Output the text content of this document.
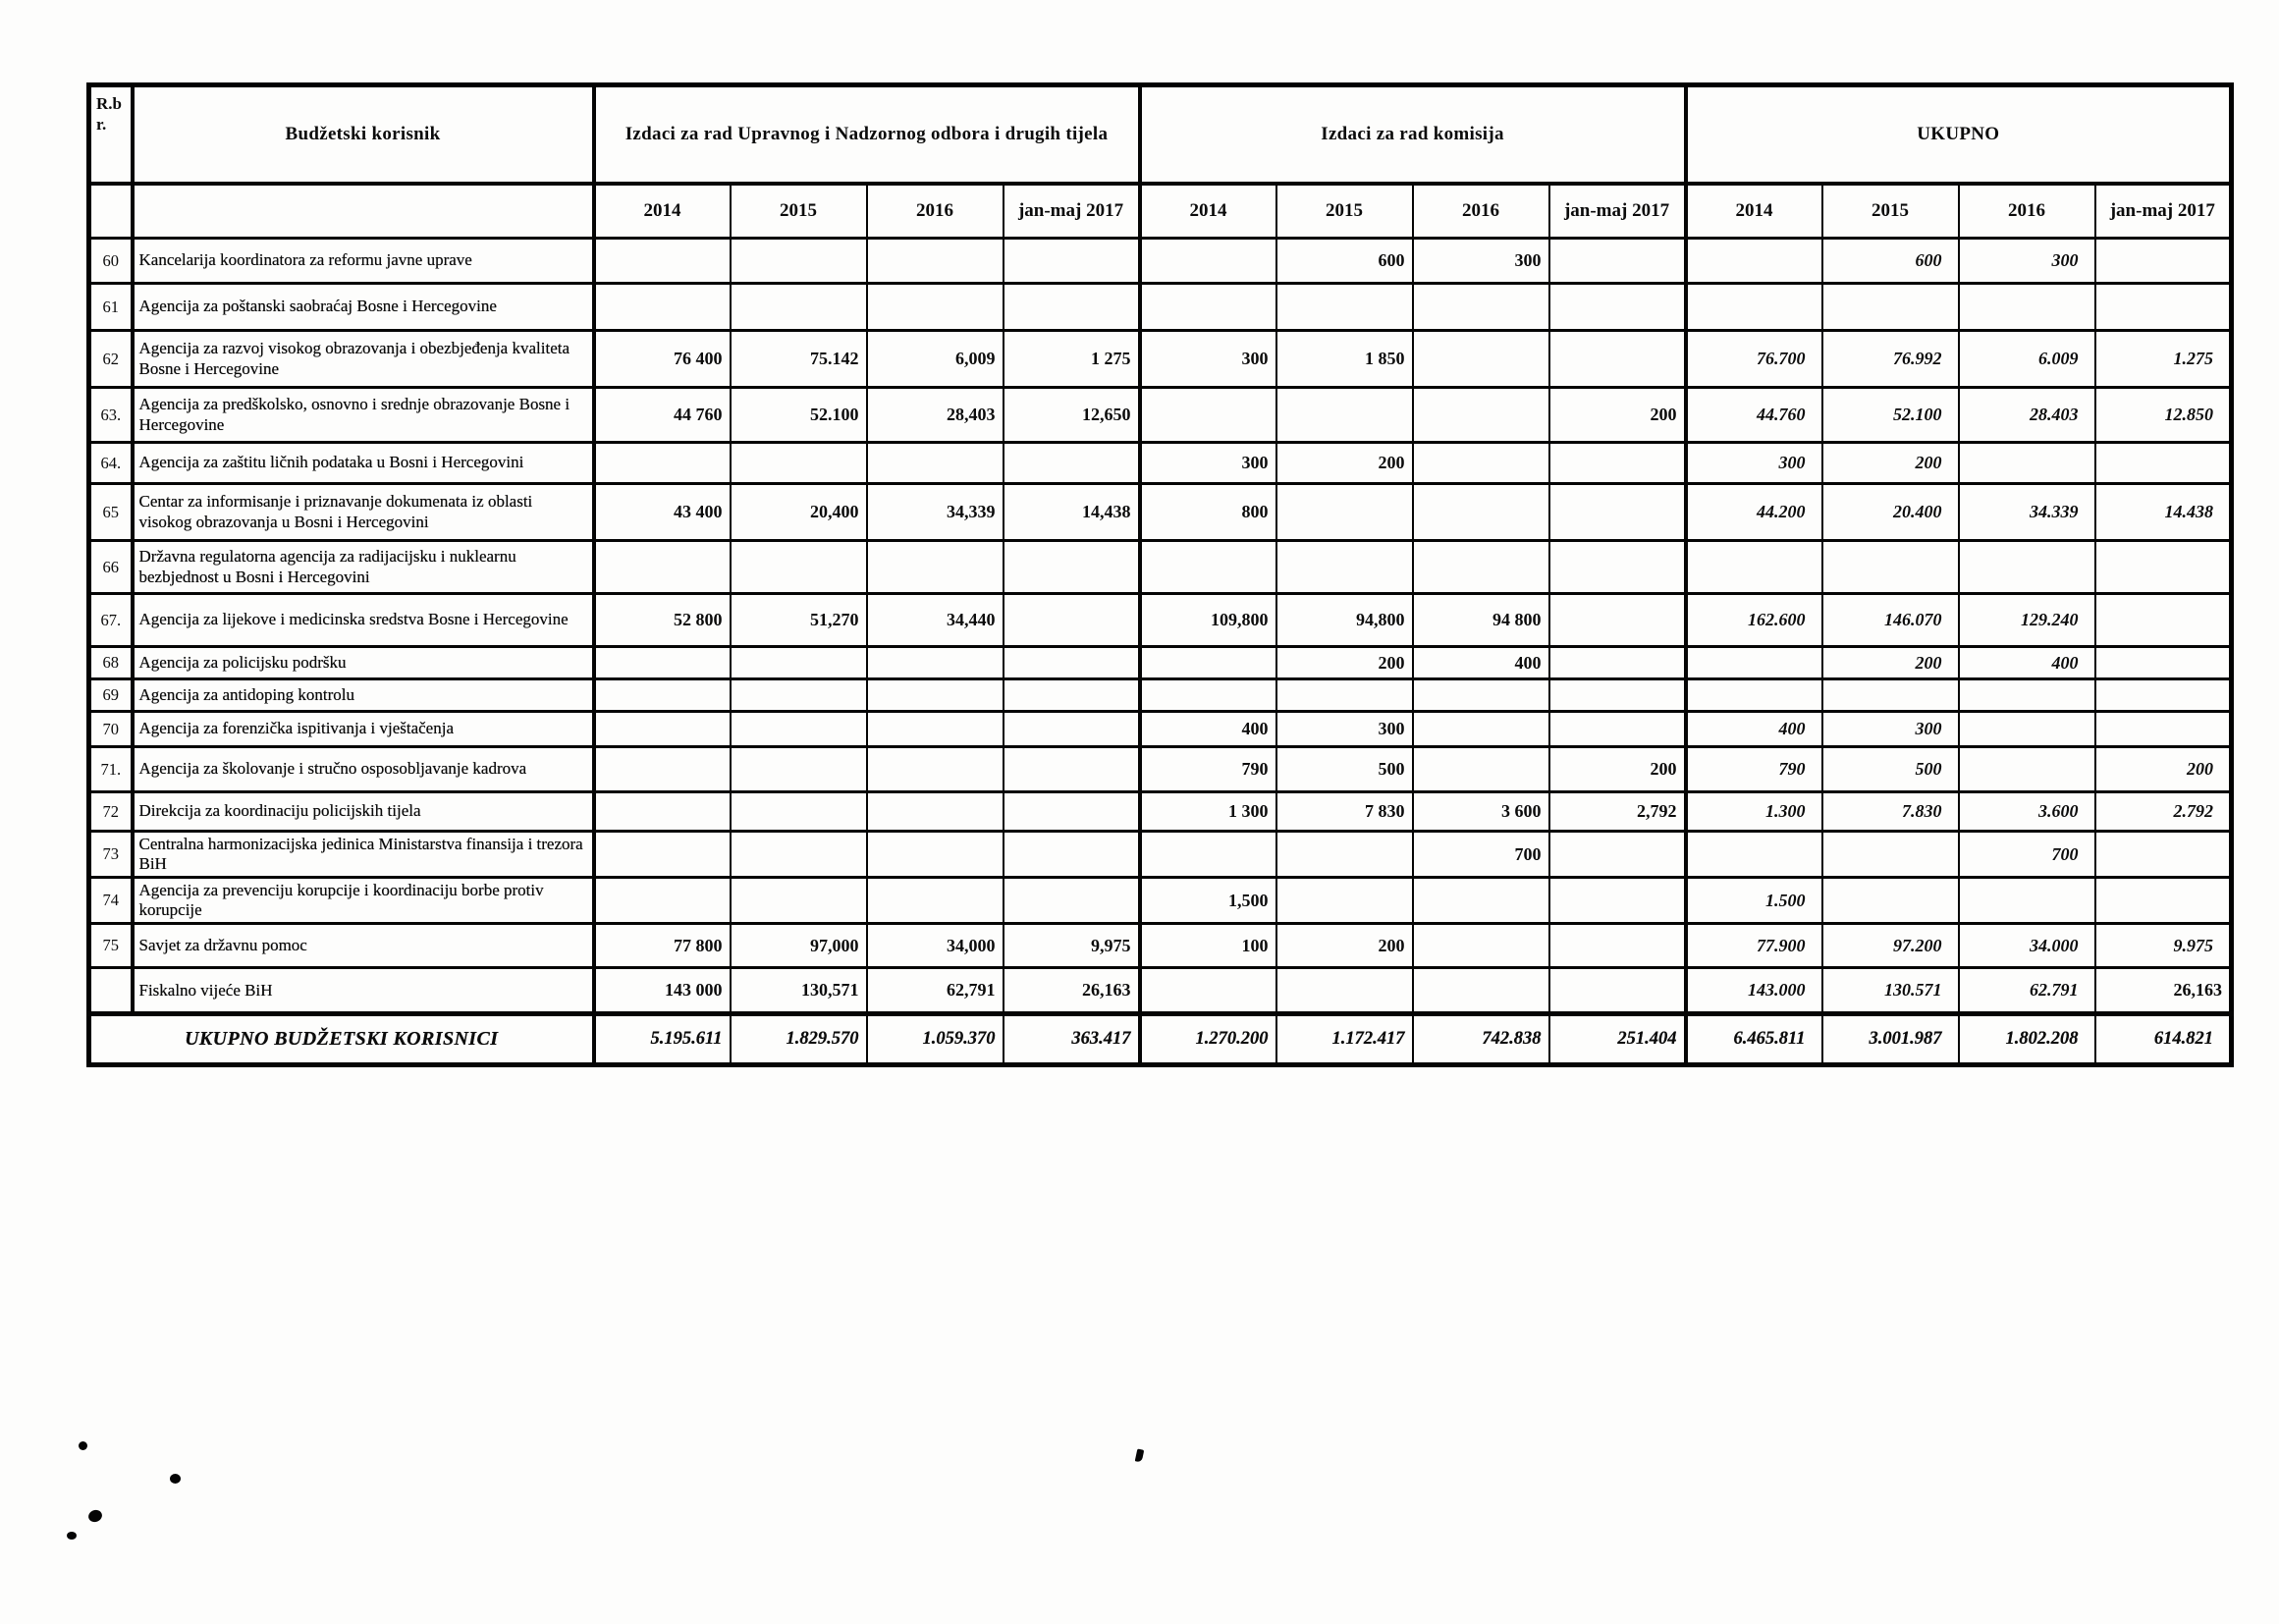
R.b
r.	Budžetski korisnik	Izdaci za rad Upravnog i Nadzornog odbora i drugih tijela				Izdaci za rad komisija				UKUPNO			
		2014	2015	2016	jan-maj 2017	2014	2015	2016	jan-maj 2017	2014	2015	2016	jan-maj 2017
60	Kancelarija koordinatora za reformu javne uprave						600	300			600	300	
61	Agencija za poštanski saobraćaj Bosne i Hercegovine												
62	Agencija za razvoj visokog obrazovanja i obezbjeđenja kvaliteta Bosne i Hercegovine	76 400	75.142	6,009	1 275	300	1 850			76.700	76.992	6.009	1.275
63.	Agencija za predškolsko, osnovno i srednje obrazovanje Bosne i Hercegovine	44 760	52.100	28,403	12,650				200	44.760	52.100	28.403	12.850
64.	Agencija za zaštitu ličnih podataka u Bosni i Hercegovini					300	200			300	200		
65	Centar za informisanje i priznavanje dokumenata iz oblasti visokog obrazovanja u Bosni i Hercegovini	43 400	20,400	34,339	14,438	800				44.200	20.400	34.339	14.438
66	Državna regulatorna agencija za radijacijsku i nuklearnu bezbjednost u Bosni i Hercegovini												
67.	Agencija za lijekove i medicinska sredstva Bosne i Hercegovine	52 800	51,270	34,440		109,800	94,800	94 800		162.600	146.070	129.240	
68	Agencija za policijsku podršku						200	400			200	400	
69	Agencija za antidoping kontrolu												
70	Agencija za forenzička ispitivanja i vještačenja					400	300			400	300		
71.	Agencija za školovanje i stručno osposobljavanje kadrova					790	500		200	790	500		200
72	Direkcija za koordinaciju policijskih tijela					1 300	7 830	3 600	2,792	1.300	7.830	3.600	2.792
73	Centralna harmonizacijska jedinica Ministarstva finansija i trezora BiH							700				700	
74	Agencija za prevenciju korupcije i koordinaciju borbe protiv korupcije					1,500				1.500			
75	Savjet za državnu pomoc	77 800	97,000	34,000	9,975	100	200			77.900	97.200	34.000	9.975
	Fiskalno vijeće BiH	143 000	130,571	62,791	26,163					143.000	130.571	62.791	26,163
UKUPNO BUDŽETSKI KORISNICI		5.195.611	1.829.570	1.059.370	363.417	1.270.200	1.172.417	742.838	251.404	6.465.811	3.001.987	1.802.208	614.821
